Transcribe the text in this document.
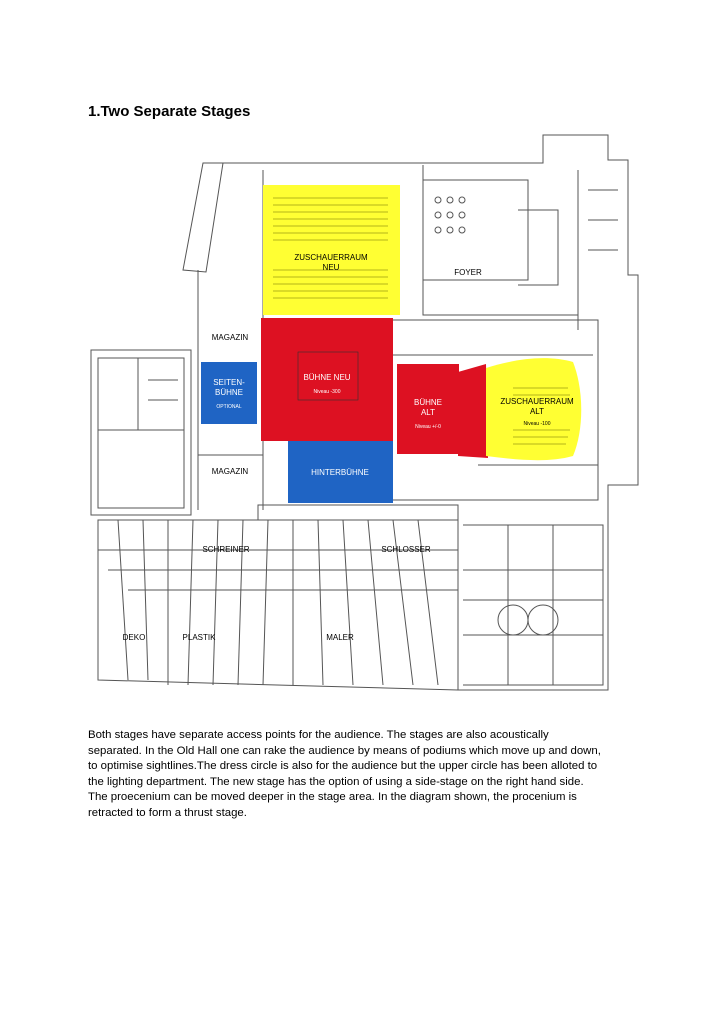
1.Two Separate Stages
ZUSCHAUERRAUM
NEU
FOYER
MAGAZIN
SEITEN-
BÜHNE
OPTIONAL
BÜHNE NEU
Niveau -300
BÜHNE
ALT
Niveau +/-0
ZUSCHAUERRAUM
ALT
Niveau -100
MAGAZIN	HINTERBÜHNE
SCHREINER	SCHLOSSER
DEKO	PLASTIK	MALER

Both stages have separate access points for the audience. The stages are also acoustically

separated. In the Old Hall one can rake the audience by means of podiums which move up and down,

to optimise sightlines.The dress circle is also for the audience but the upper circle has been alloted to

the lighting department. The new stage has the option of using a side-stage on the right hand side.

The proecenium can be moved deeper in the stage area. In the diagram shown, the procenium is

retracted to form a thrust stage.
